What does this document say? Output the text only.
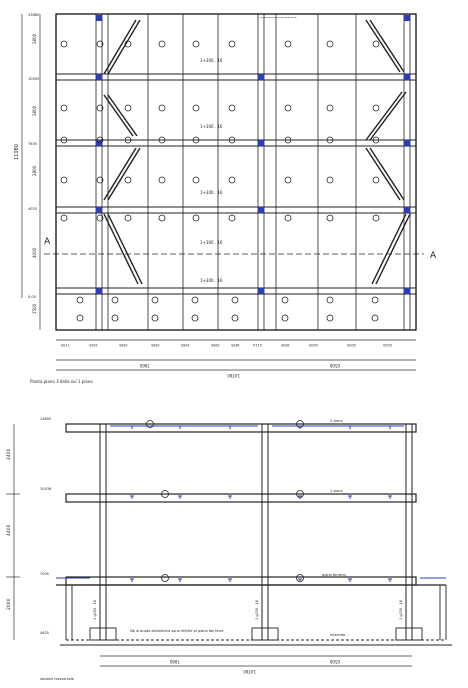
A
A
~~~~~~~~~~~
Pianta piano 3 dalla sul 1 piano
11080
1500
4000
2800
2800
2800
0.00
4025
7635
10505
13880
1700	1925	1965	1965	1965	1965	1895	2114	1895	2000	2000	2000
7860	6500
14760
1+300 . 16
1+300 . 16
1+300 . 16
1+300 . 16
1+300 . 16
2400
4400
2000
14800
10438
7005
4625
7860	6500
14760
2 siano
1 siano
piano terreno
interrato
Nb la quota altimetrica sono riferite al piano del terre
sezione trasversale
1 g250 . 16	1 g250 . 16	1 g250 . 16
